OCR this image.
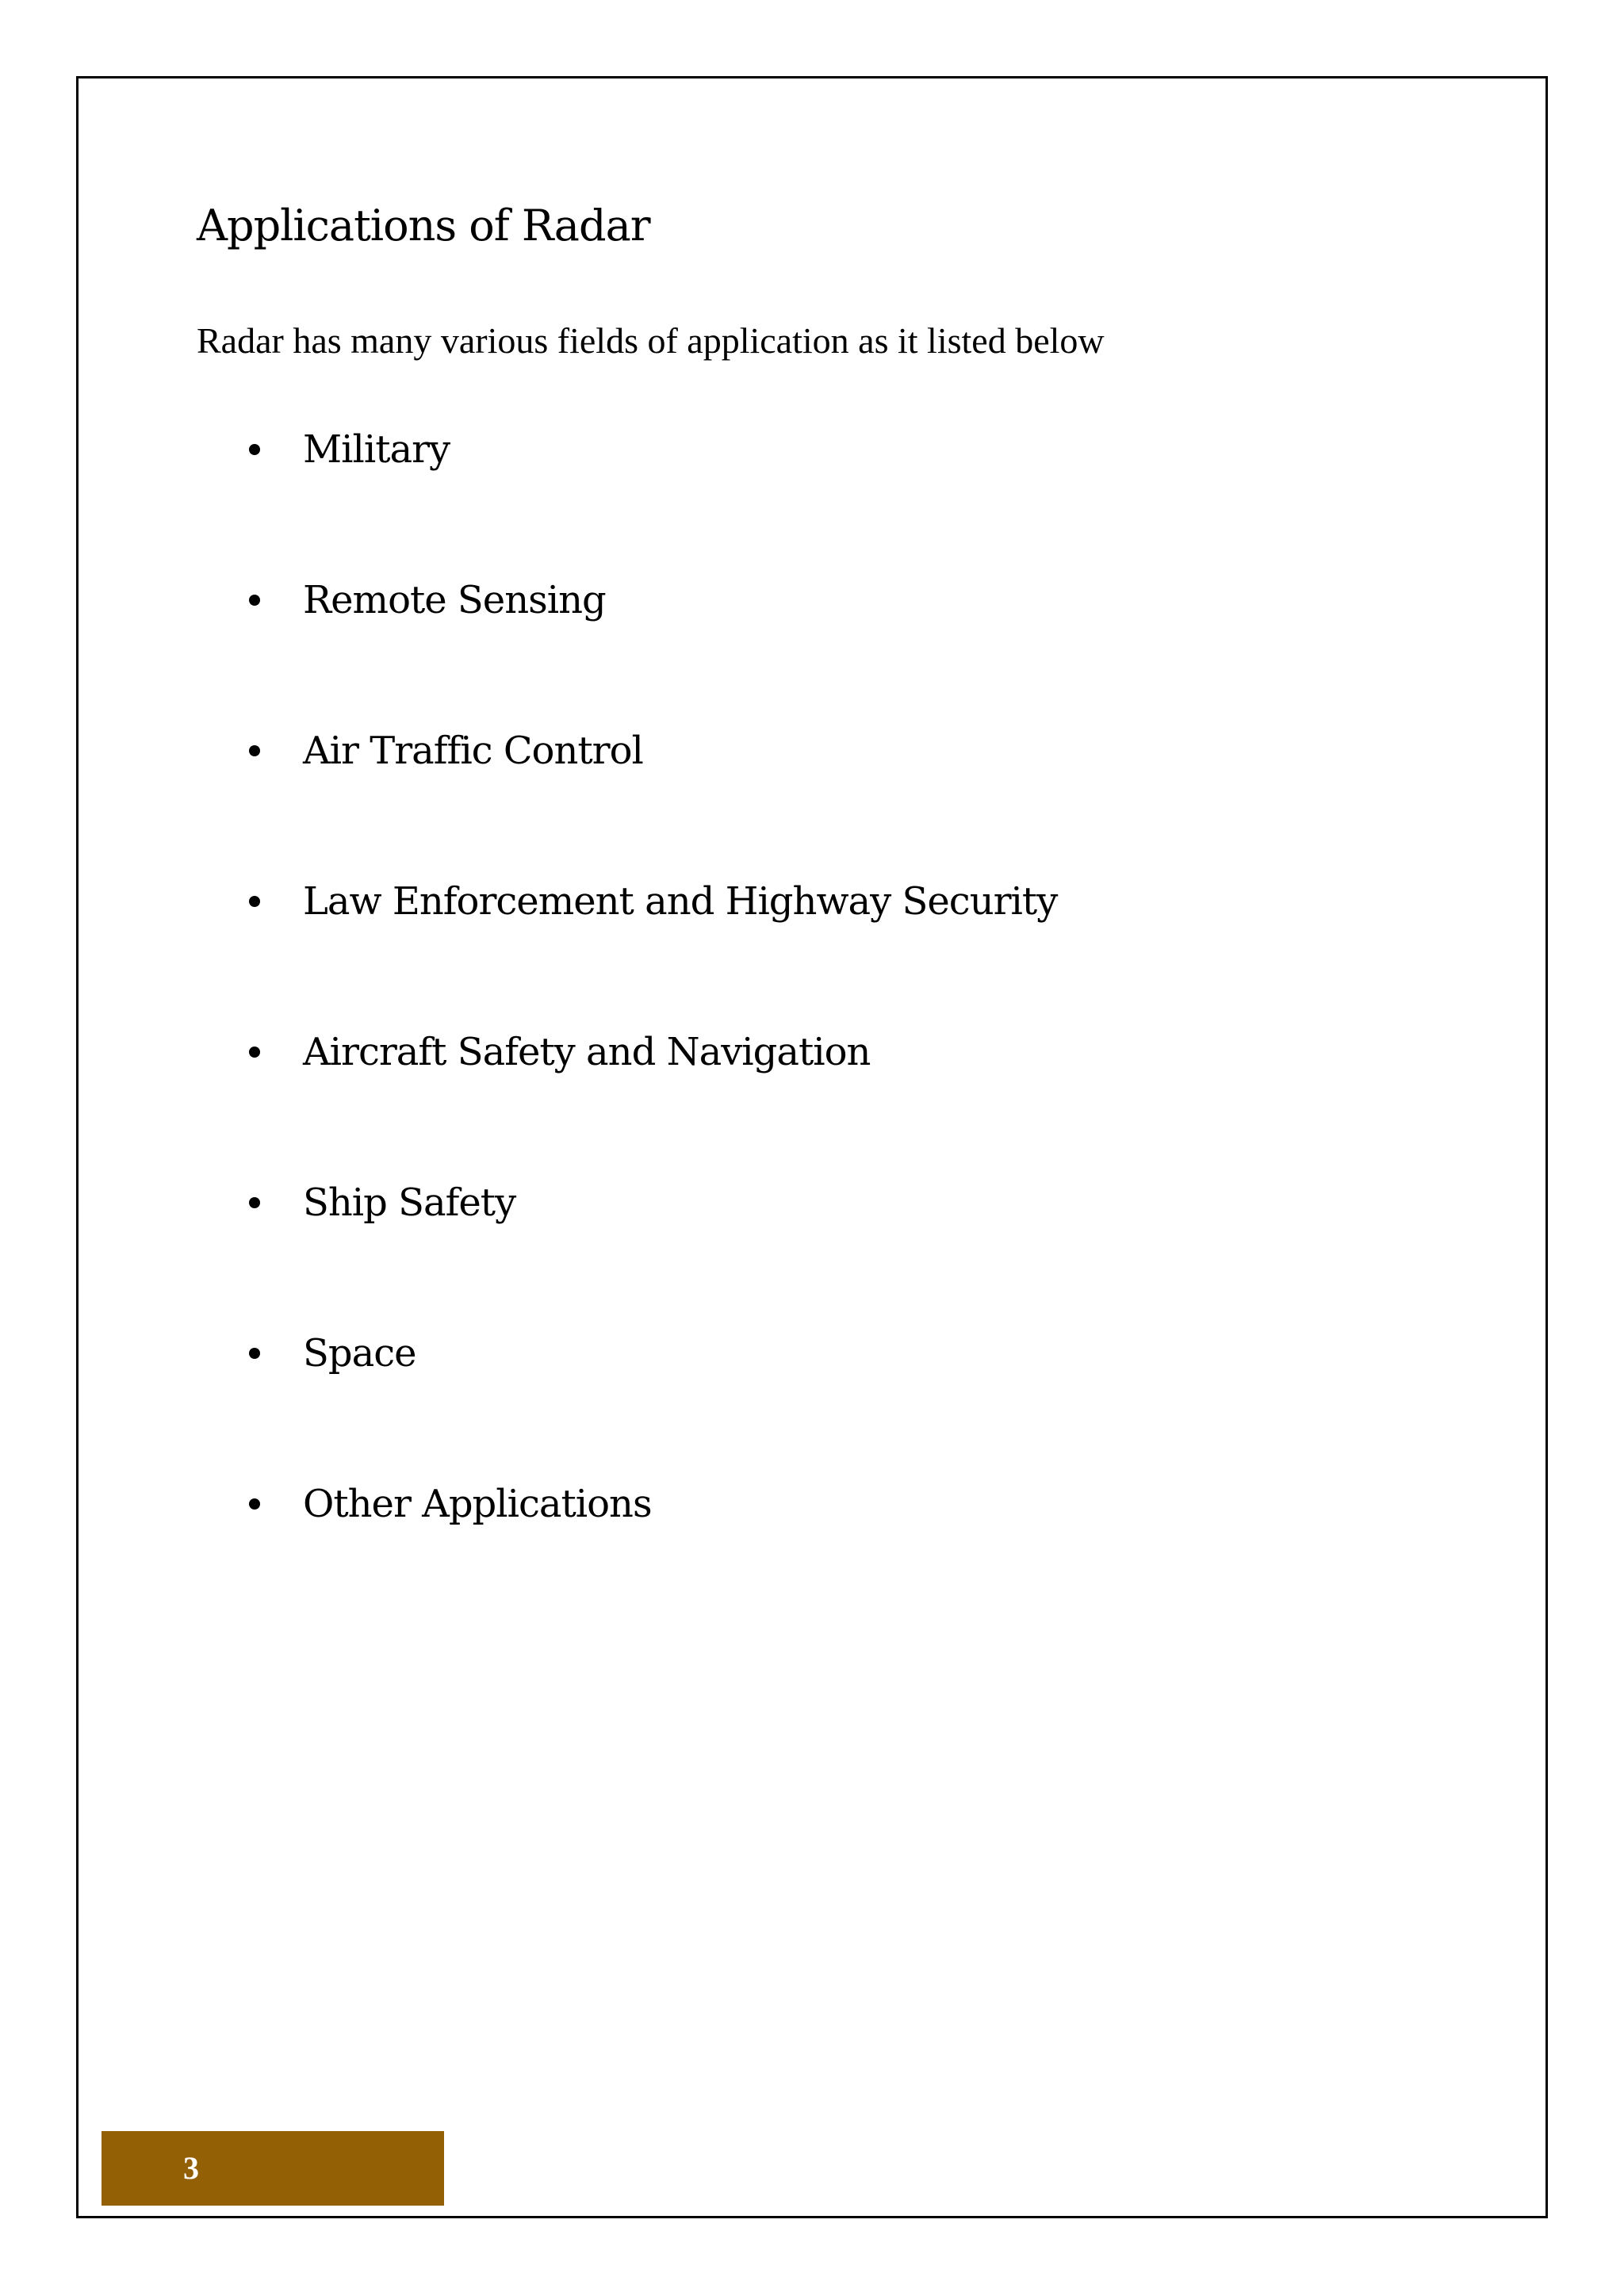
Applications of Radar

Radar has many various fields of application as it listed below

Military
Remote Sensing
Air Traffic Control
Law Enforcement and Highway Security
Aircraft Safety and Navigation
Ship Safety
Space
Other Applications
3
